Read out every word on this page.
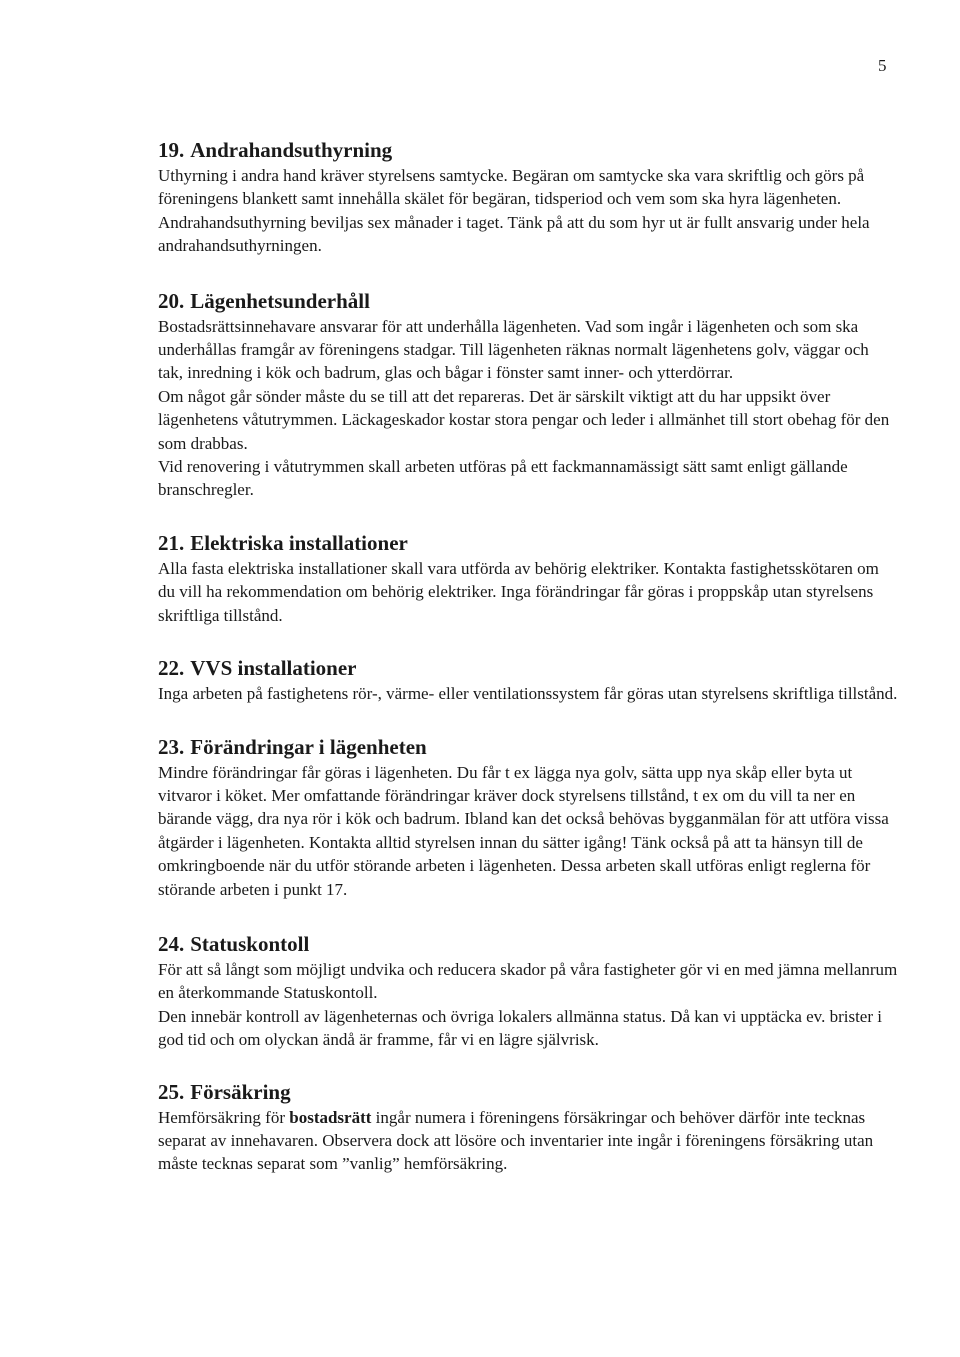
5
19. Andrahandsuthyrning

Uthyrning i andra hand kräver styrelsens samtycke. Begäran om samtycke ska vara skriftlig och görs på föreningens blankett samt innehålla skälet för begäran, tidsperiod och vem som ska hyra lägenheten.

Andrahandsuthyrning beviljas sex månader i taget. Tänk på att du som hyr ut är fullt ansvarig under hela andrahandsuthyrningen.

20. Lägenhetsunderhåll

Bostadsrättsinnehavare ansvarar för att underhålla lägenheten. Vad som ingår i lägenheten och som ska underhållas framgår av föreningens stadgar. Till lägenheten räknas normalt lägenhetens golv, väggar och tak, inredning i kök och badrum, glas och bågar i fönster samt inner- och ytterdörrar.

Om något går sönder måste du se till att det repareras. Det är särskilt viktigt att du har uppsikt över lägenhetens våtutrymmen. Läckageskador kostar stora pengar och leder i allmänhet till stort obehag för den som drabbas.

Vid renovering i våtutrymmen skall arbeten utföras på ett fackmannamässigt sätt samt enligt gällande branschregler.

21. Elektriska installationer

Alla fasta elektriska installationer skall vara utförda av behörig elektriker. Kontakta fastighetsskötaren om du vill ha rekommendation om behörig elektriker. Inga förändringar får göras i proppskåp utan styrelsens skriftliga tillstånd.

22. VVS installationer

Inga arbeten på fastighetens rör-, värme- eller ventilationssystem får göras utan styrelsens skriftliga tillstånd.

23. Förändringar i lägenheten

Mindre förändringar får göras i lägenheten. Du får t ex lägga nya golv, sätta upp nya skåp eller byta ut vitvaror i köket. Mer omfattande förändringar kräver dock styrelsens tillstånd, t ex om du vill ta ner en bärande vägg, dra nya rör i kök och badrum. Ibland kan det också behövas bygganmälan för att utföra vissa åtgärder i lägenheten. Kontakta alltid styrelsen innan du sätter igång! Tänk också på att ta hänsyn till de omkringboende när du utför störande arbeten i lägenheten. Dessa arbeten skall utföras enligt reglerna för störande arbeten i punkt 17.

24. Statuskontoll

För att så långt som möjligt undvika och reducera skador på våra fastigheter gör vi en med jämna mellanrum en återkommande Statuskontoll.

Den innebär kontroll av lägenheternas och övriga lokalers allmänna status. Då kan vi upptäcka ev. brister i god tid och om olyckan ändå är framme, får vi en lägre självrisk.

25. Försäkring

Hemförsäkring för bostadsrätt ingår numera i föreningens försäkringar och behöver därför inte tecknas separat av innehavaren. Observera dock att lösöre och inventarier inte ingår i föreningens försäkring utan måste tecknas separat som ”vanlig” hemförsäkring.
